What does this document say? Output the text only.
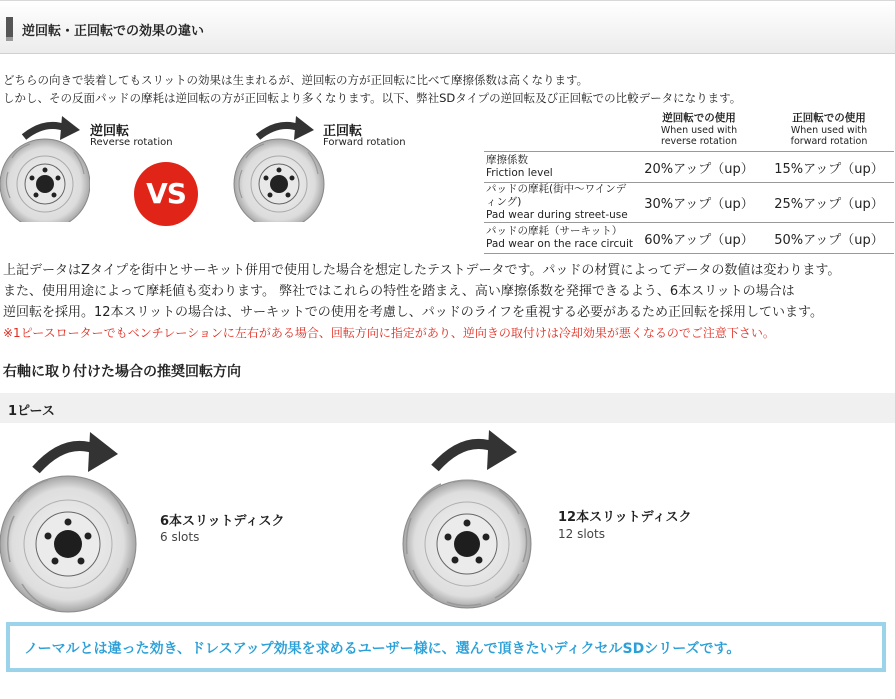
逆回転・正回転での効果の違い
どちらの向きで装着してもスリットの効果は生まれるが、逆回転の方が正回転に比べて摩擦係数は高くなります。
しかし、その反面パッドの摩耗は逆回転の方が正回転より多くなります。以下、弊社SDタイプの逆回転及び正回転での比較データになります。
逆回転
Reverse rotation
VS
正回転
Forward rotation
	逆回転での使用
When used with
reverse rotation	正回転での使用
When used with
forward rotation

摩擦係数
Friction level	20%アップ（up）	15%アップ（up）
パッドの摩耗(街中～ワインディング)
Pad wear during street-use	30%アップ（up）	25%アップ（up）
パッドの摩耗（サーキット）
Pad wear on the race circuit	60%アップ（up）	50%アップ（up）
上記データはZタイプを街中とサーキット併用で使用した場合を想定したテストデータです。パッドの材質によってデータの数値は変わります。
また、使用用途によって摩耗値も変わります。 弊社ではこれらの特性を踏まえ、高い摩擦係数を発揮できるよう、6本スリットの場合は
逆回転を採用。12本スリットの場合は、サーキットでの使用を考慮し、パッドのライフを重視する必要があるため正回転を採用しています。
※1ピースローターでもベンチレーションに左右がある場合、回転方向に指定があり、逆向きの取付けは冷却効果が悪くなるのでご注意下さい。
右軸に取り付けた場合の推奨回転方向
1ピース
6本スリットディスク
6 slots
12本スリットディスク
12 slots
ノーマルとは違った効き、ドレスアップ効果を求めるユーザー様に、選んで頂きたいディクセルSDシリーズです。
